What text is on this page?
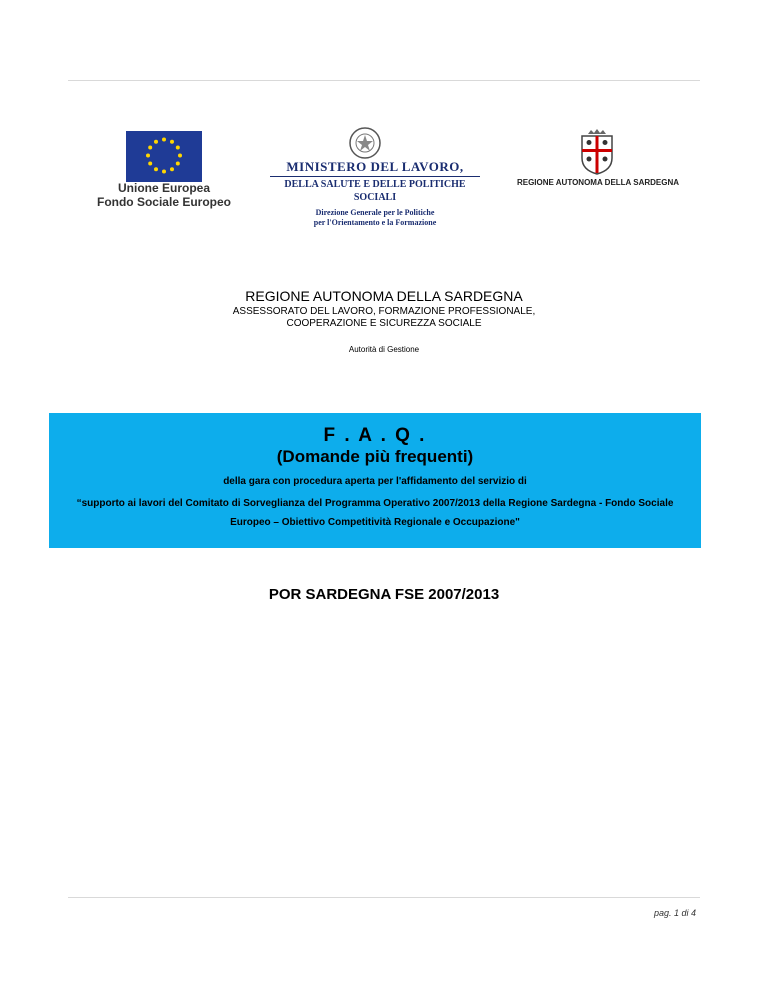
Unione Europea
Fondo Sociale Europeo
MINISTERO DEL LAVORO,
DELLA SALUTE E DELLE POLITICHE SOCIALI
Direzione Generale per le Politiche
per l'Orientamento e la Formazione
REGIONE AUTONOMA DELLA SARDEGNA
REGIONE AUTONOMA DELLA SARDEGNA
ASSESSORATO DEL LAVORO, FORMAZIONE PROFESSIONALE,
COOPERAZIONE E SICUREZZA SOCIALE
Autorità di Gestione
F . A . Q .
(Domande più frequenti)
della gara con procedura aperta per l'affidamento del servizio di
“supporto ai lavori del Comitato di Sorveglianza del Programma Operativo 2007/2013 della Regione Sardegna - Fondo Sociale Europeo – Obiettivo Competitività Regionale e Occupazione"
POR SARDEGNA FSE 2007/2013
pag. 1 di 4
